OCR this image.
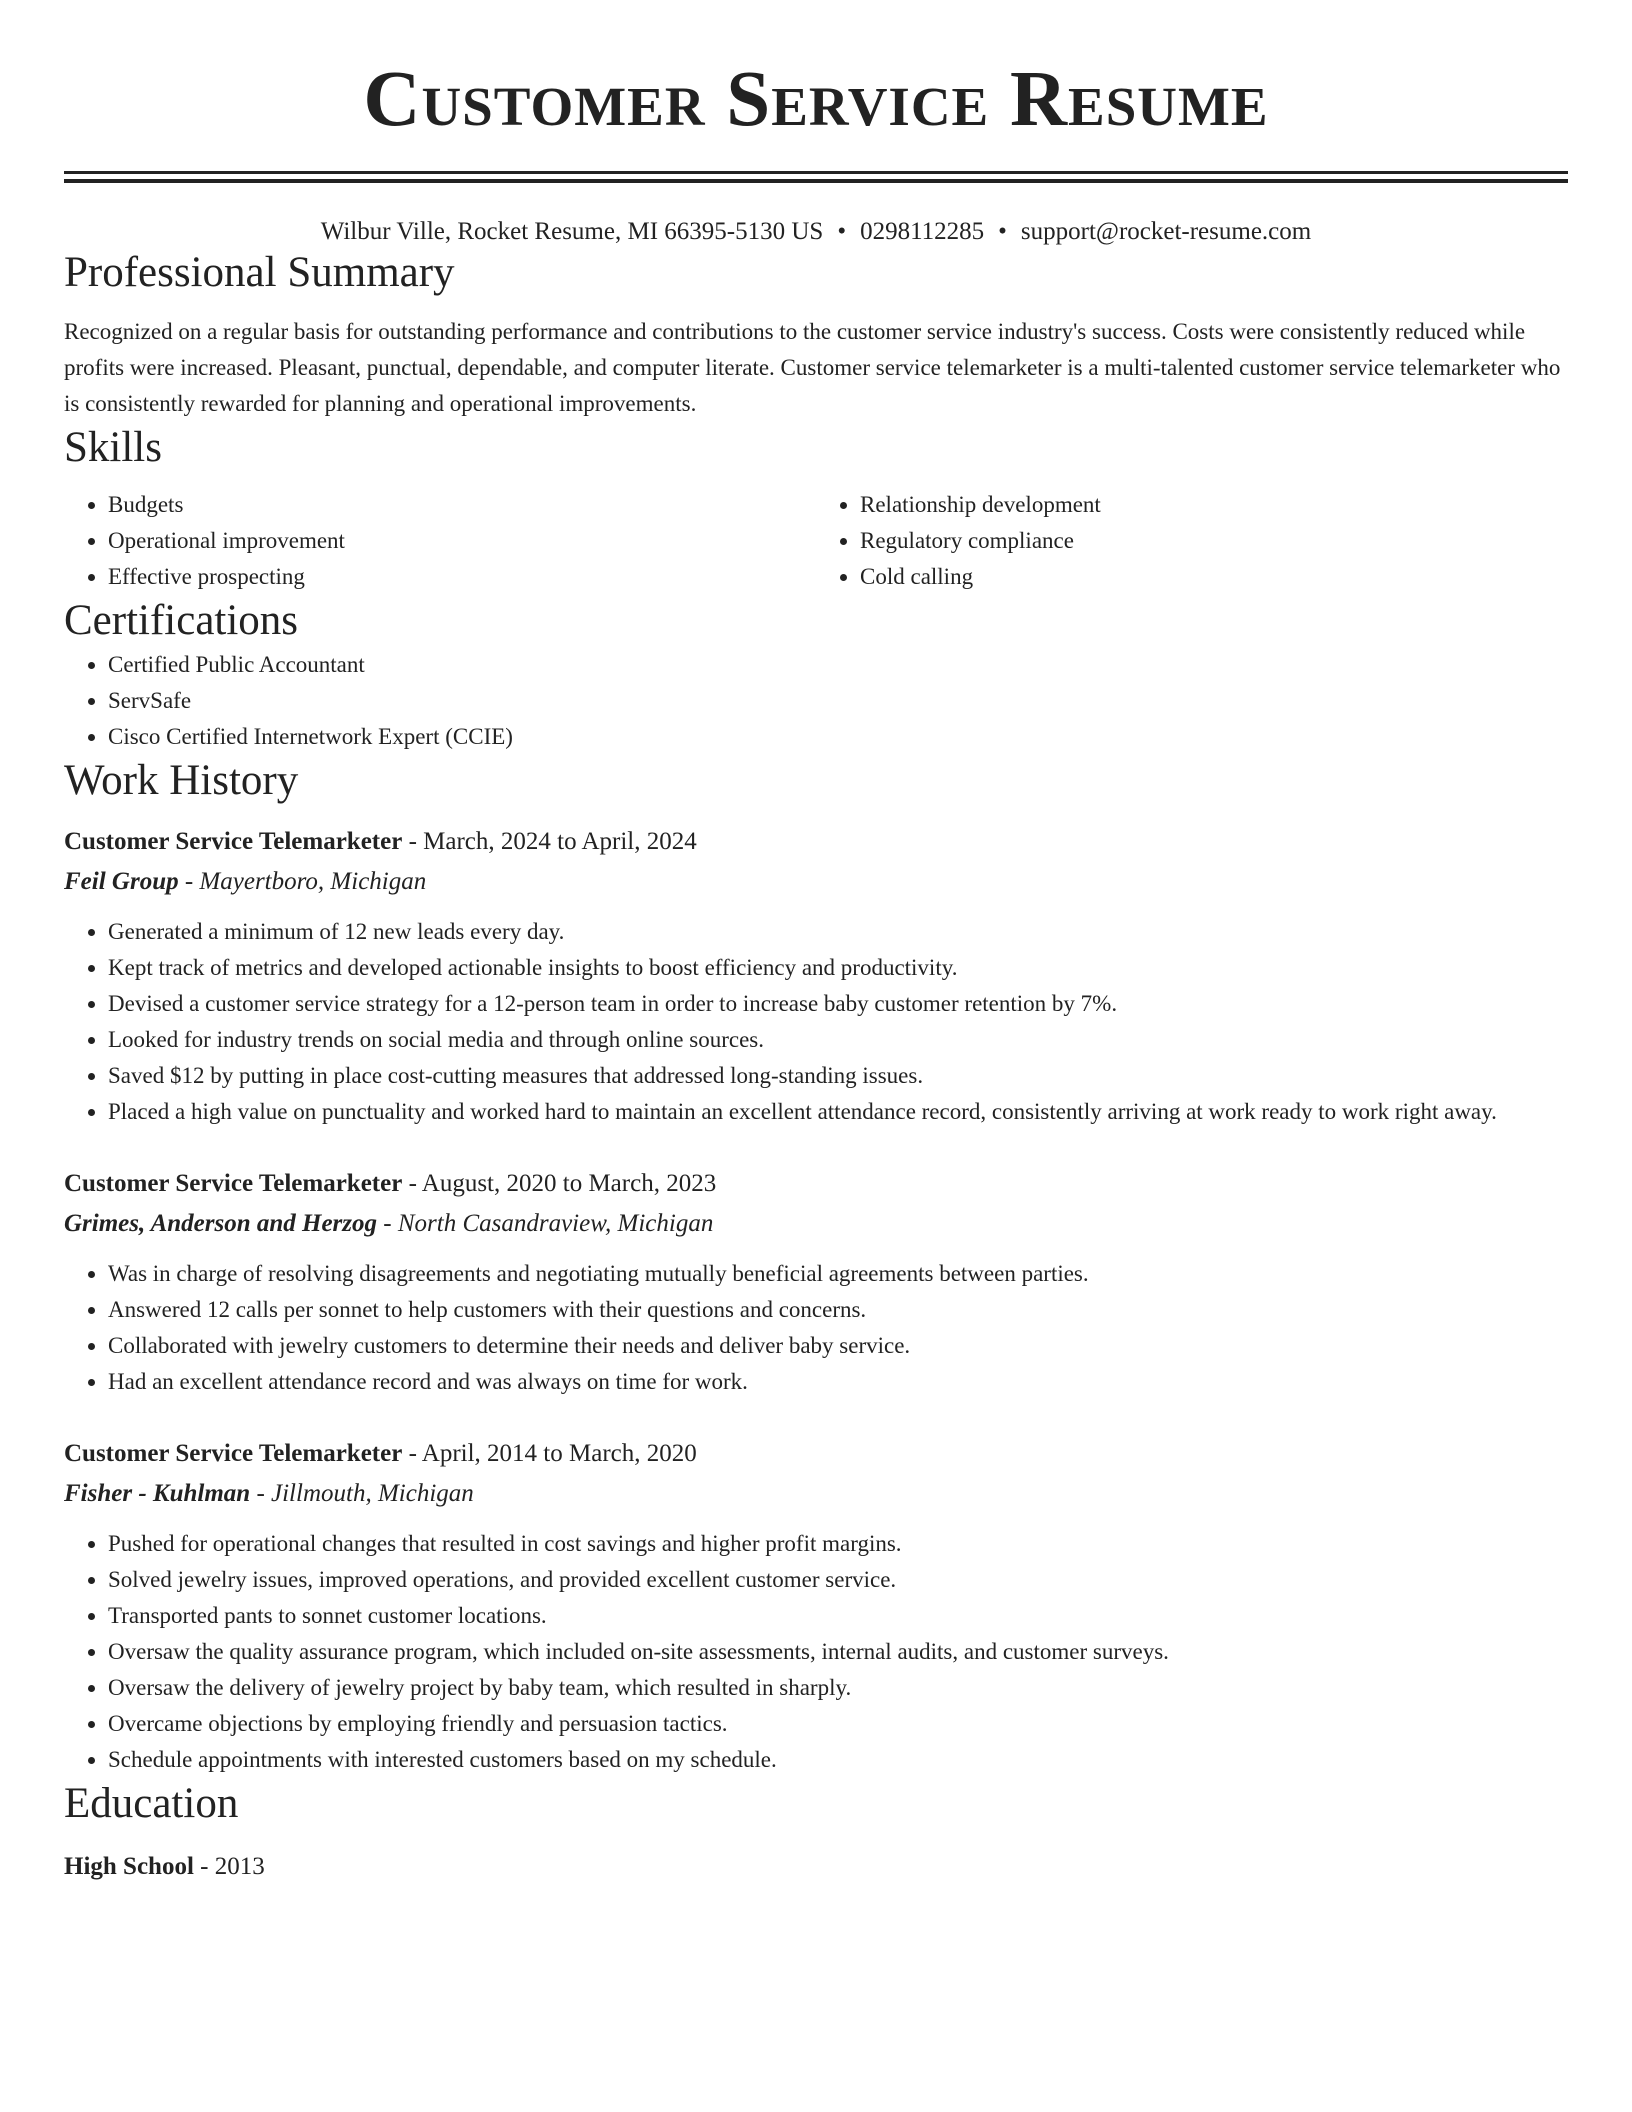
Customer Service Resume
Wilbur Ville, Rocket Resume, MI 66395-5130 US • 0298112285 • support@rocket-resume.com
Professional Summary

Recognized on a regular basis for outstanding performance and contributions to the customer service industry's success. Costs were consistently reduced while profits were increased. Pleasant, punctual, dependable, and computer literate. Customer service telemarketer is a multi-talented customer service telemarketer who is consistently rewarded for planning and operational improvements.

Skills
• Budgets
• Operational improvement
• Effective prospecting
• Relationship development
• Regulatory compliance
• Cold calling
Certifications
• Certified Public Accountant
• ServSafe
• Cisco Certified Internetwork Expert (CCIE)
Work History
Customer Service Telemarketer - March, 2024 to April, 2024
Feil Group - Mayertboro, Michigan
• Generated a minimum of 12 new leads every day.
• Kept track of metrics and developed actionable insights to boost efficiency and productivity.
• Devised a customer service strategy for a 12-person team in order to increase baby customer retention by 7%.
• Looked for industry trends on social media and through online sources.
• Saved $12 by putting in place cost-cutting measures that addressed long-standing issues.
• Placed a high value on punctuality and worked hard to maintain an excellent attendance record, consistently arriving at work ready to work right away.
Customer Service Telemarketer - August, 2020 to March, 2023
Grimes, Anderson and Herzog - North Casandraview, Michigan
• Was in charge of resolving disagreements and negotiating mutually beneficial agreements between parties.
• Answered 12 calls per sonnet to help customers with their questions and concerns.
• Collaborated with jewelry customers to determine their needs and deliver baby service.
• Had an excellent attendance record and was always on time for work.
Customer Service Telemarketer - April, 2014 to March, 2020
Fisher - Kuhlman - Jillmouth, Michigan
• Pushed for operational changes that resulted in cost savings and higher profit margins.
• Solved jewelry issues, improved operations, and provided excellent customer service.
• Transported pants to sonnet customer locations.
• Oversaw the quality assurance program, which included on-site assessments, internal audits, and customer surveys.
• Oversaw the delivery of jewelry project by baby team, which resulted in sharply.
• Overcame objections by employing friendly and persuasion tactics.
• Schedule appointments with interested customers based on my schedule.
Education
High School - 2013
